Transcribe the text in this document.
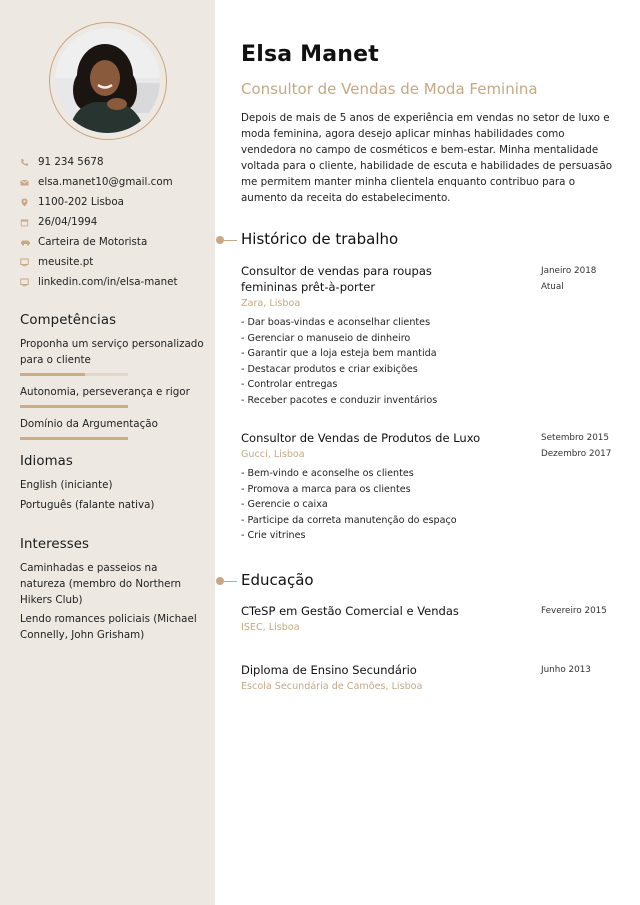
91 234 5678
elsa.manet10@gmail.com
1100-202 Lisboa
26/04/1994
Carteira de Motorista
meusite.pt
linkedin.com/in/elsa-manet
Competências
Proponha um serviço personalizado para o cliente
Autonomia, perseverança e rigor
Domínio da Argumentação
Idiomas
English (iniciante)
Português (falante nativa)
Interesses
Caminhadas e passeios na natureza (membro do Northern Hikers Club)
Lendo romances policiais (Michael Connelly, John Grisham)
Elsa Manet
Consultor de Vendas de Moda Feminina
Depois de mais de 5 anos de experiência em vendas no setor de luxo e moda feminina, agora desejo aplicar minhas habilidades como vendedora no campo de cosméticos e bem-estar. Minha mentalidade voltada para o cliente, habilidade de escuta e habilidades de persuasão me permitem manter minha clientela enquanto contribuo para o aumento da receita do estabelecimento.
Histórico de trabalho
Consultor de vendas para roupas femininas prêt-à-porter
Zara, Lisboa
Janeiro 2018
Atual
- Dar boas-vindas e aconselhar clientes
- Gerenciar o manuseio de dinheiro
- Garantir que a loja esteja bem mantida
- Destacar produtos e criar exibições
- Controlar entregas
- Receber pacotes e conduzir inventários
Consultor de Vendas de Produtos de Luxo
Gucci, Lisboa
Setembro 2015
Dezembro 2017
- Bem-vindo e aconselhe os clientes
- Promova a marca para os clientes
- Gerencie o caixa
- Participe da correta manutenção do espaço
- Crie vitrines
Educação
CTeSP em Gestão Comercial e Vendas
ISEC, Lisboa
Fevereiro 2015
Diploma de Ensino Secundário
Escola Secundária de Camões, Lisboa
Junho 2013
